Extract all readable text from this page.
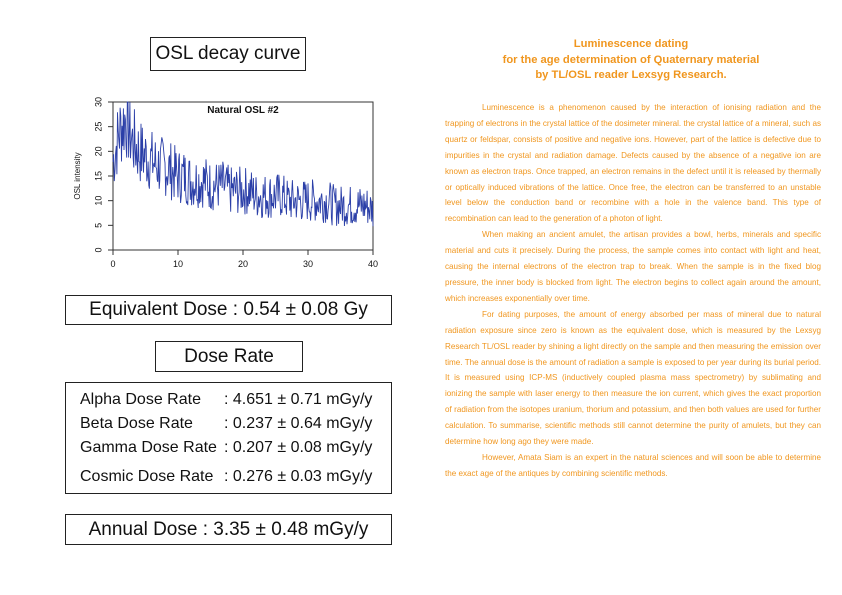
OSL decay curve
0	10	20	30	40
0
5
10
15
20
25
30
OSL intensity
Natural OSL #2
Equivalent Dose : 0.54 ± 0.08 Gy
Dose Rate
Alpha Dose Rate : 4.651 ± 0.71 mGy/y
Beta Dose Rate : 0.237 ± 0.64 mGy/y
Gamma Dose Rate : 0.207 ± 0.08 mGy/y
Cosmic Dose Rate : 0.276 ± 0.03 mGy/y
Annual Dose : 3.35 ± 0.48 mGy/y
Luminescence dating
for the age determination of Quaternary material
by TL/OSL reader Lexsyg Research.

Luminescence is a phenomenon caused by the interaction of ionising radiation and the trapping of electrons in the crystal lattice of the dosimeter mineral. the crystal lattice of a mineral, such as quartz or feldspar, consists of positive and negative ions. However, part of the lattice is defective due to impurities in the crystal and radiation damage. Defects caused by the absence of a negative ion are known as electron traps. Once trapped, an electron remains in the defect until it is released by thermally or optically induced vibrations of the lattice. Once free, the electron can be transferred to an unstable level below the conduction band or recombine with a hole in the valence band. This type of recombination can lead to the generation of a photon of light.

When making an ancient amulet, the artisan provides a bowl, herbs, minerals and specific material and cuts it precisely. During the process, the sample comes into contact with light and heat, causing the internal electrons of the electron trap to break. When the sample is in the fixed blog pressure, the inner body is blocked from light. The electron begins to collect again around the amount, which increases exponentially over time.

For dating purposes, the amount of energy absorbed per mass of mineral due to natural radiation exposure since zero is known as the equivalent dose, which is measured by the Lexsyg Research TL/OSL reader by shining a light directly on the sample and then measuring the emission over time. The annual dose is the amount of radiation a sample is exposed to per year during its burial period. It is measured using ICP-MS (inductively coupled plasma mass spectrometry) by sublimating and ionizing the sample with laser energy to then measure the ion current, which gives the exact proportion of radiation from the isotopes uranium, thorium and potassium, and then both values are used for further calculation. To summarise, scientific methods still cannot determine the purity of amulets, but they can determine how long ago they were made.

However, Amata Siam is an expert in the natural sciences and will soon be able to determine the exact age of the antiques by combining scientific methods.
